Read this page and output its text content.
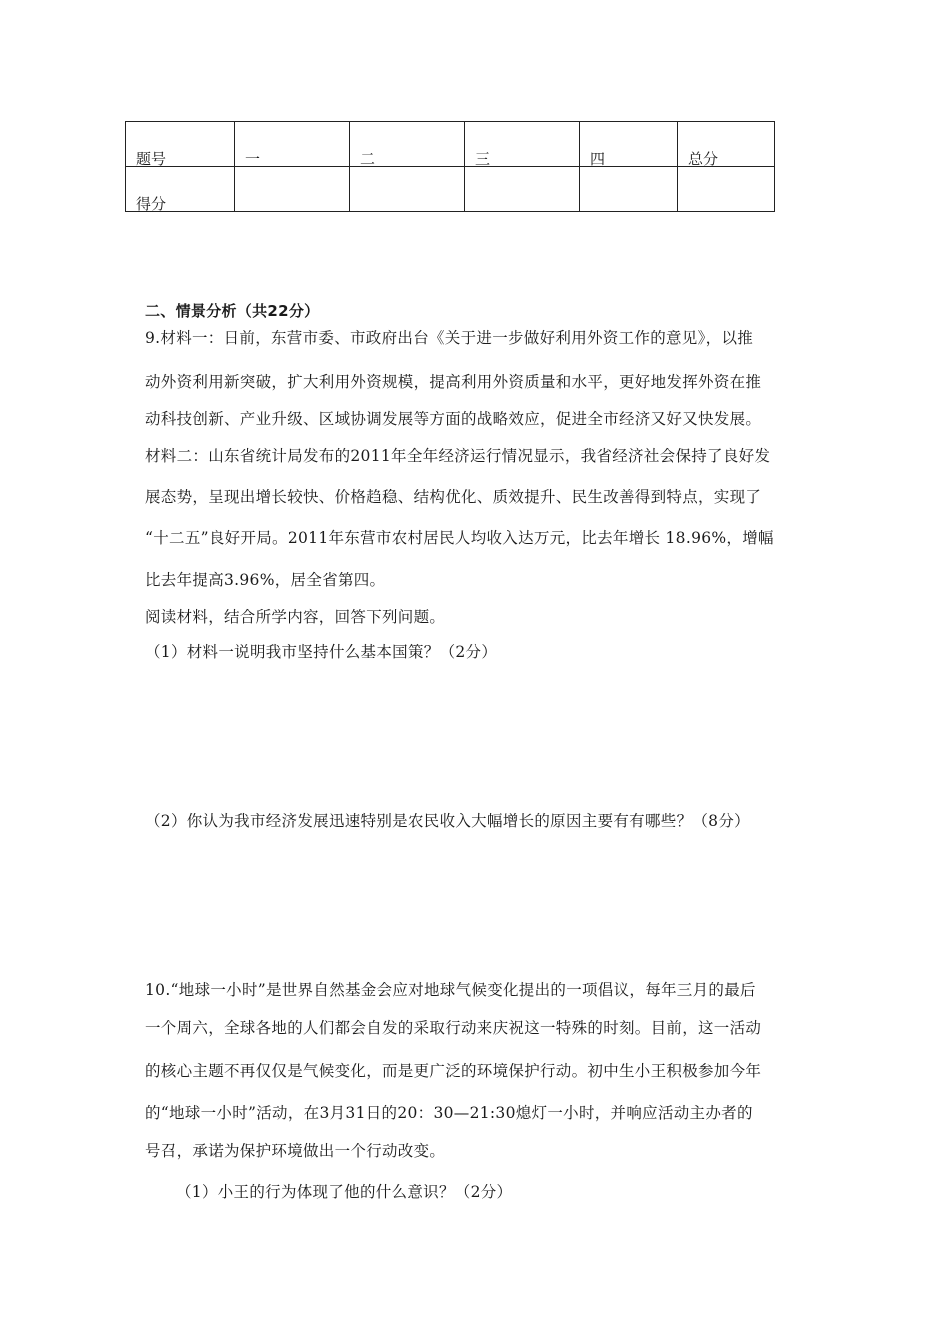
题号	一	二	三	四	总分

得分					

二、情景分析（共22分）
9.材料一：日前，东营市委、市政府出台《关于进一步做好利用外资工作的意见》，以推
动外资利用新突破，扩大利用外资规模，提高利用外资质量和水平，更好地发挥外资在推
动科技创新、产业升级、区域协调发展等方面的战略效应，促进全市经济又好又快发展。
材料二：山东省统计局发布的2011年全年经济运行情况显示，我省经济社会保持了良好发
展态势，呈现出增长较快、价格趋稳、结构优化、质效提升、民生改善得到特点，实现了
“十二五”良好开局。2011年东营市农村居民人均收入达万元，比去年增长 18.96%，增幅
比去年提高3.96%，居全省第四。
阅读材料，结合所学内容，回答下列问题。
（1）材料一说明我市坚持什么基本国策？（2分）
（2）你认为我市经济发展迅速特别是农民收入大幅增长的原因主要有有哪些？（8分）
10.“地球一小时”是世界自然基金会应对地球气候变化提出的一项倡议，每年三月的最后
一个周六，全球各地的人们都会自发的采取行动来庆祝这一特殊的时刻。目前，这一活动
的核心主题不再仅仅是气候变化，而是更广泛的环境保护行动。初中生小王积极参加今年
的“地球一小时”活动，在3月31日的20：30—21:30熄灯一小时，并响应活动主办者的
号召，承诺为保护环境做出一个行动改变。
（1）小王的行为体现了他的什么意识？（2分）
